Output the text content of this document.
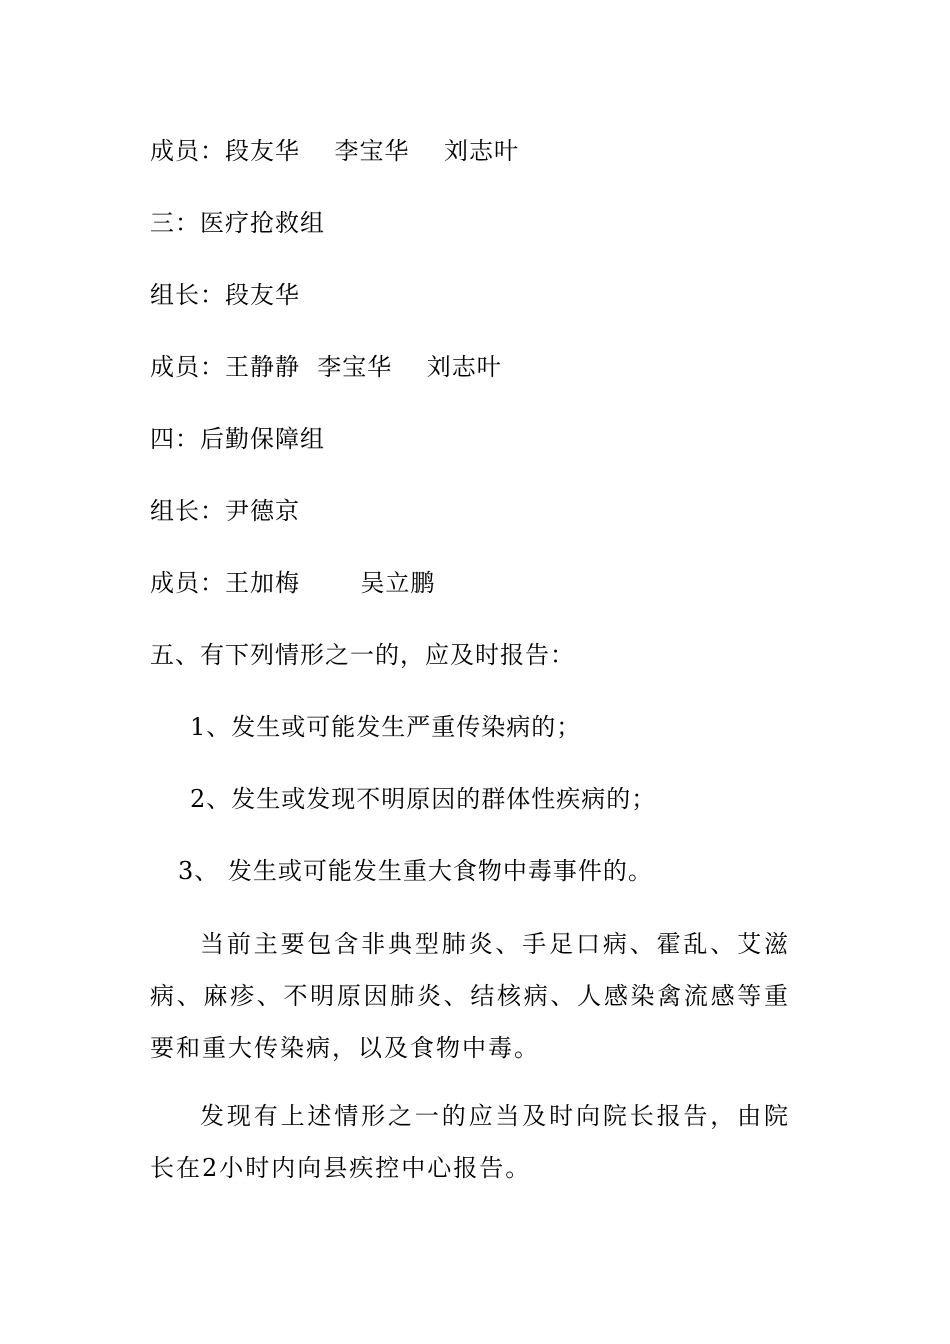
成员：段友华    李宝华    刘志叶
三：医疗抢救组
组长：段友华
成员：王静静  李宝华    刘志叶
四：后勤保障组
组长：尹德京
成员：王加梅       吴立鹏
五、有下列情形之一的，应及时报告：
1、发生或可能发生严重传染病的；
2、发生或发现不明原因的群体性疾病的；
3、 发生或可能发生重大食物中毒事件的。
当前主要包含非典型肺炎、手足口病、霍乱、艾滋病、麻疹、不明原因肺炎、结核病、人感染禽流感等重要和重大传染病，以及食物中毒。
发现有上述情形之一的应当及时向院长报告，由院长在2小时内向县疾控中心报告。
